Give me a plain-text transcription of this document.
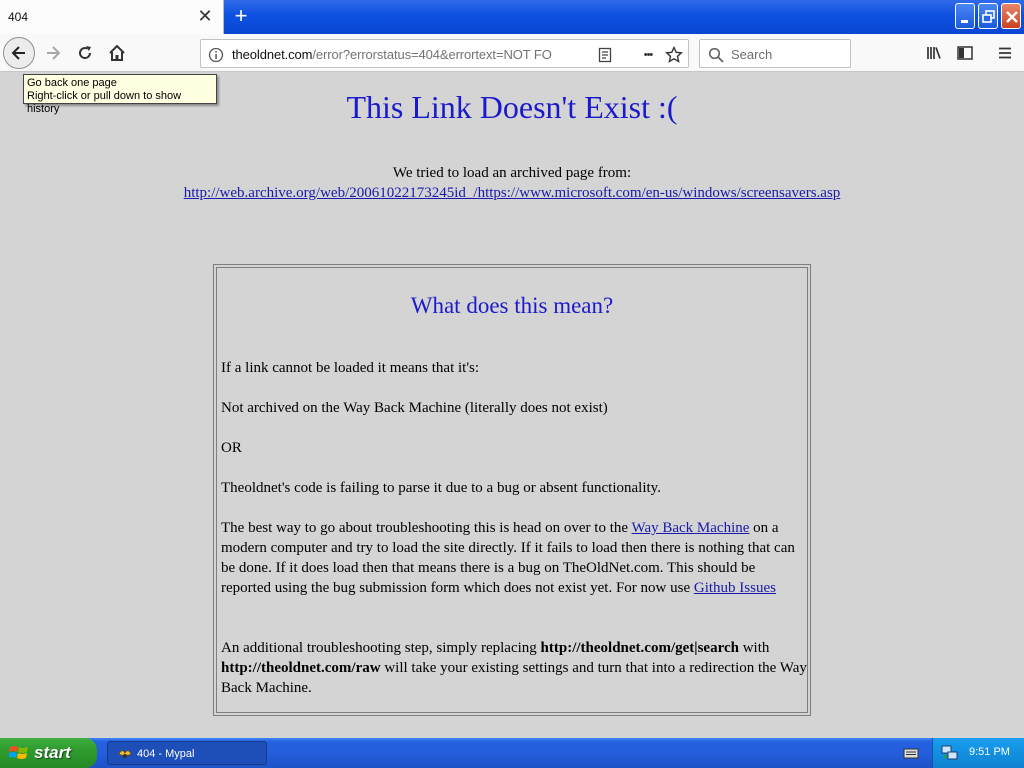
404	✕ +
theoldnet.com/error?errorstatus=404&errortext=NOT FO	•••	Search
Go back one page
Right-click or pull down to show history	This Link Doesn't Exist :(
We tried to load an archived page from:
http://web.archive.org/web/20061022173245id_/https://www.microsoft.com/en-us/windows/screensavers.asp
What does this mean?
If a link cannot be loaded it means that it's:
Not archived on the Way Back Machine (literally does not exist)
OR
Theoldnet's code is failing to parse it due to a bug or absent functionality.
The best way to go about troubleshooting this is head on over to the Way Back Machine on a modern computer and try to load the site directly. If it fails to load then there is nothing that can be done. If it does load then that means there is a bug on TheOldNet.com. This should be reported using the bug submission form which does not exist yet. For now use Github Issues
An additional troubleshooting step, simply replacing http://theoldnet.com/get|search with http://theoldnet.com/raw will take your existing settings and turn that into a redirection the Way Back Machine.
start	404 - Mypal	9:51 PM
